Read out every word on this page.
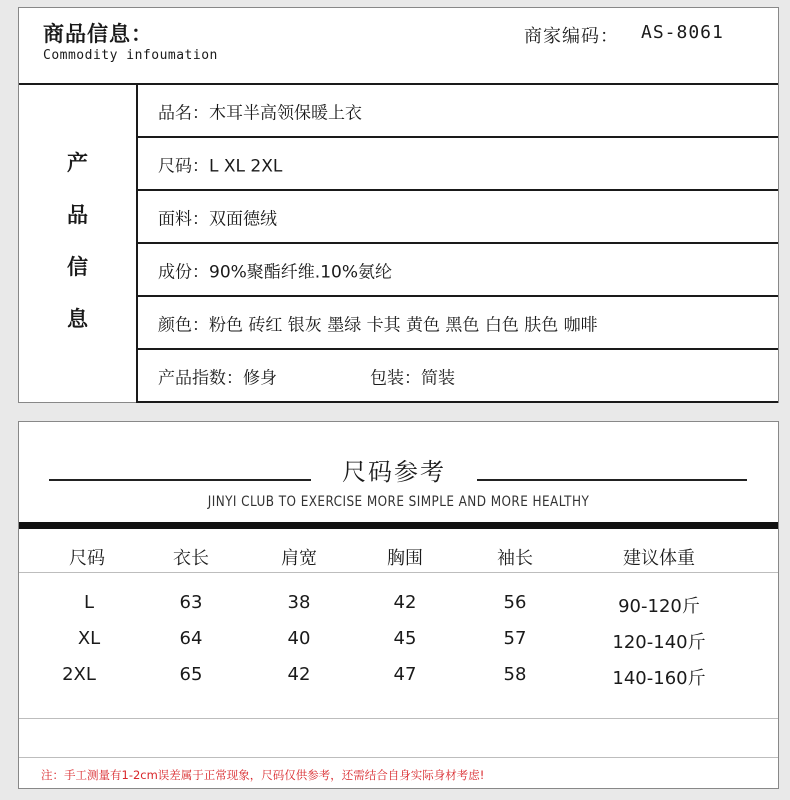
商品信息：
Commodity infoumation
商家编码： AS-8061
产
品
信
息
品名：木耳半高领保暖上衣
尺码：L XL 2XL
面料：双面德绒
成份：90%聚酯纤维.10%氨纶
颜色：粉色 砖红 银灰 墨绿 卡其 黄色 黑色 白色 肤色 咖啡
产品指数：修身	包装：简装
尺码参考
JINYI CLUB TO EXERCISE MORE SIMPLE AND MORE HEALTHY
尺码	衣长	肩宽	胸围	袖长	建议体重
L	63	38	42	56	90-120斤
XL	64	40	45	57	120-140斤
2XL	65	42	47	58	140-160斤
注：手工测量有1-2cm误差属于正常现象，尺码仅供参考，还需结合自身实际身材考虑!
